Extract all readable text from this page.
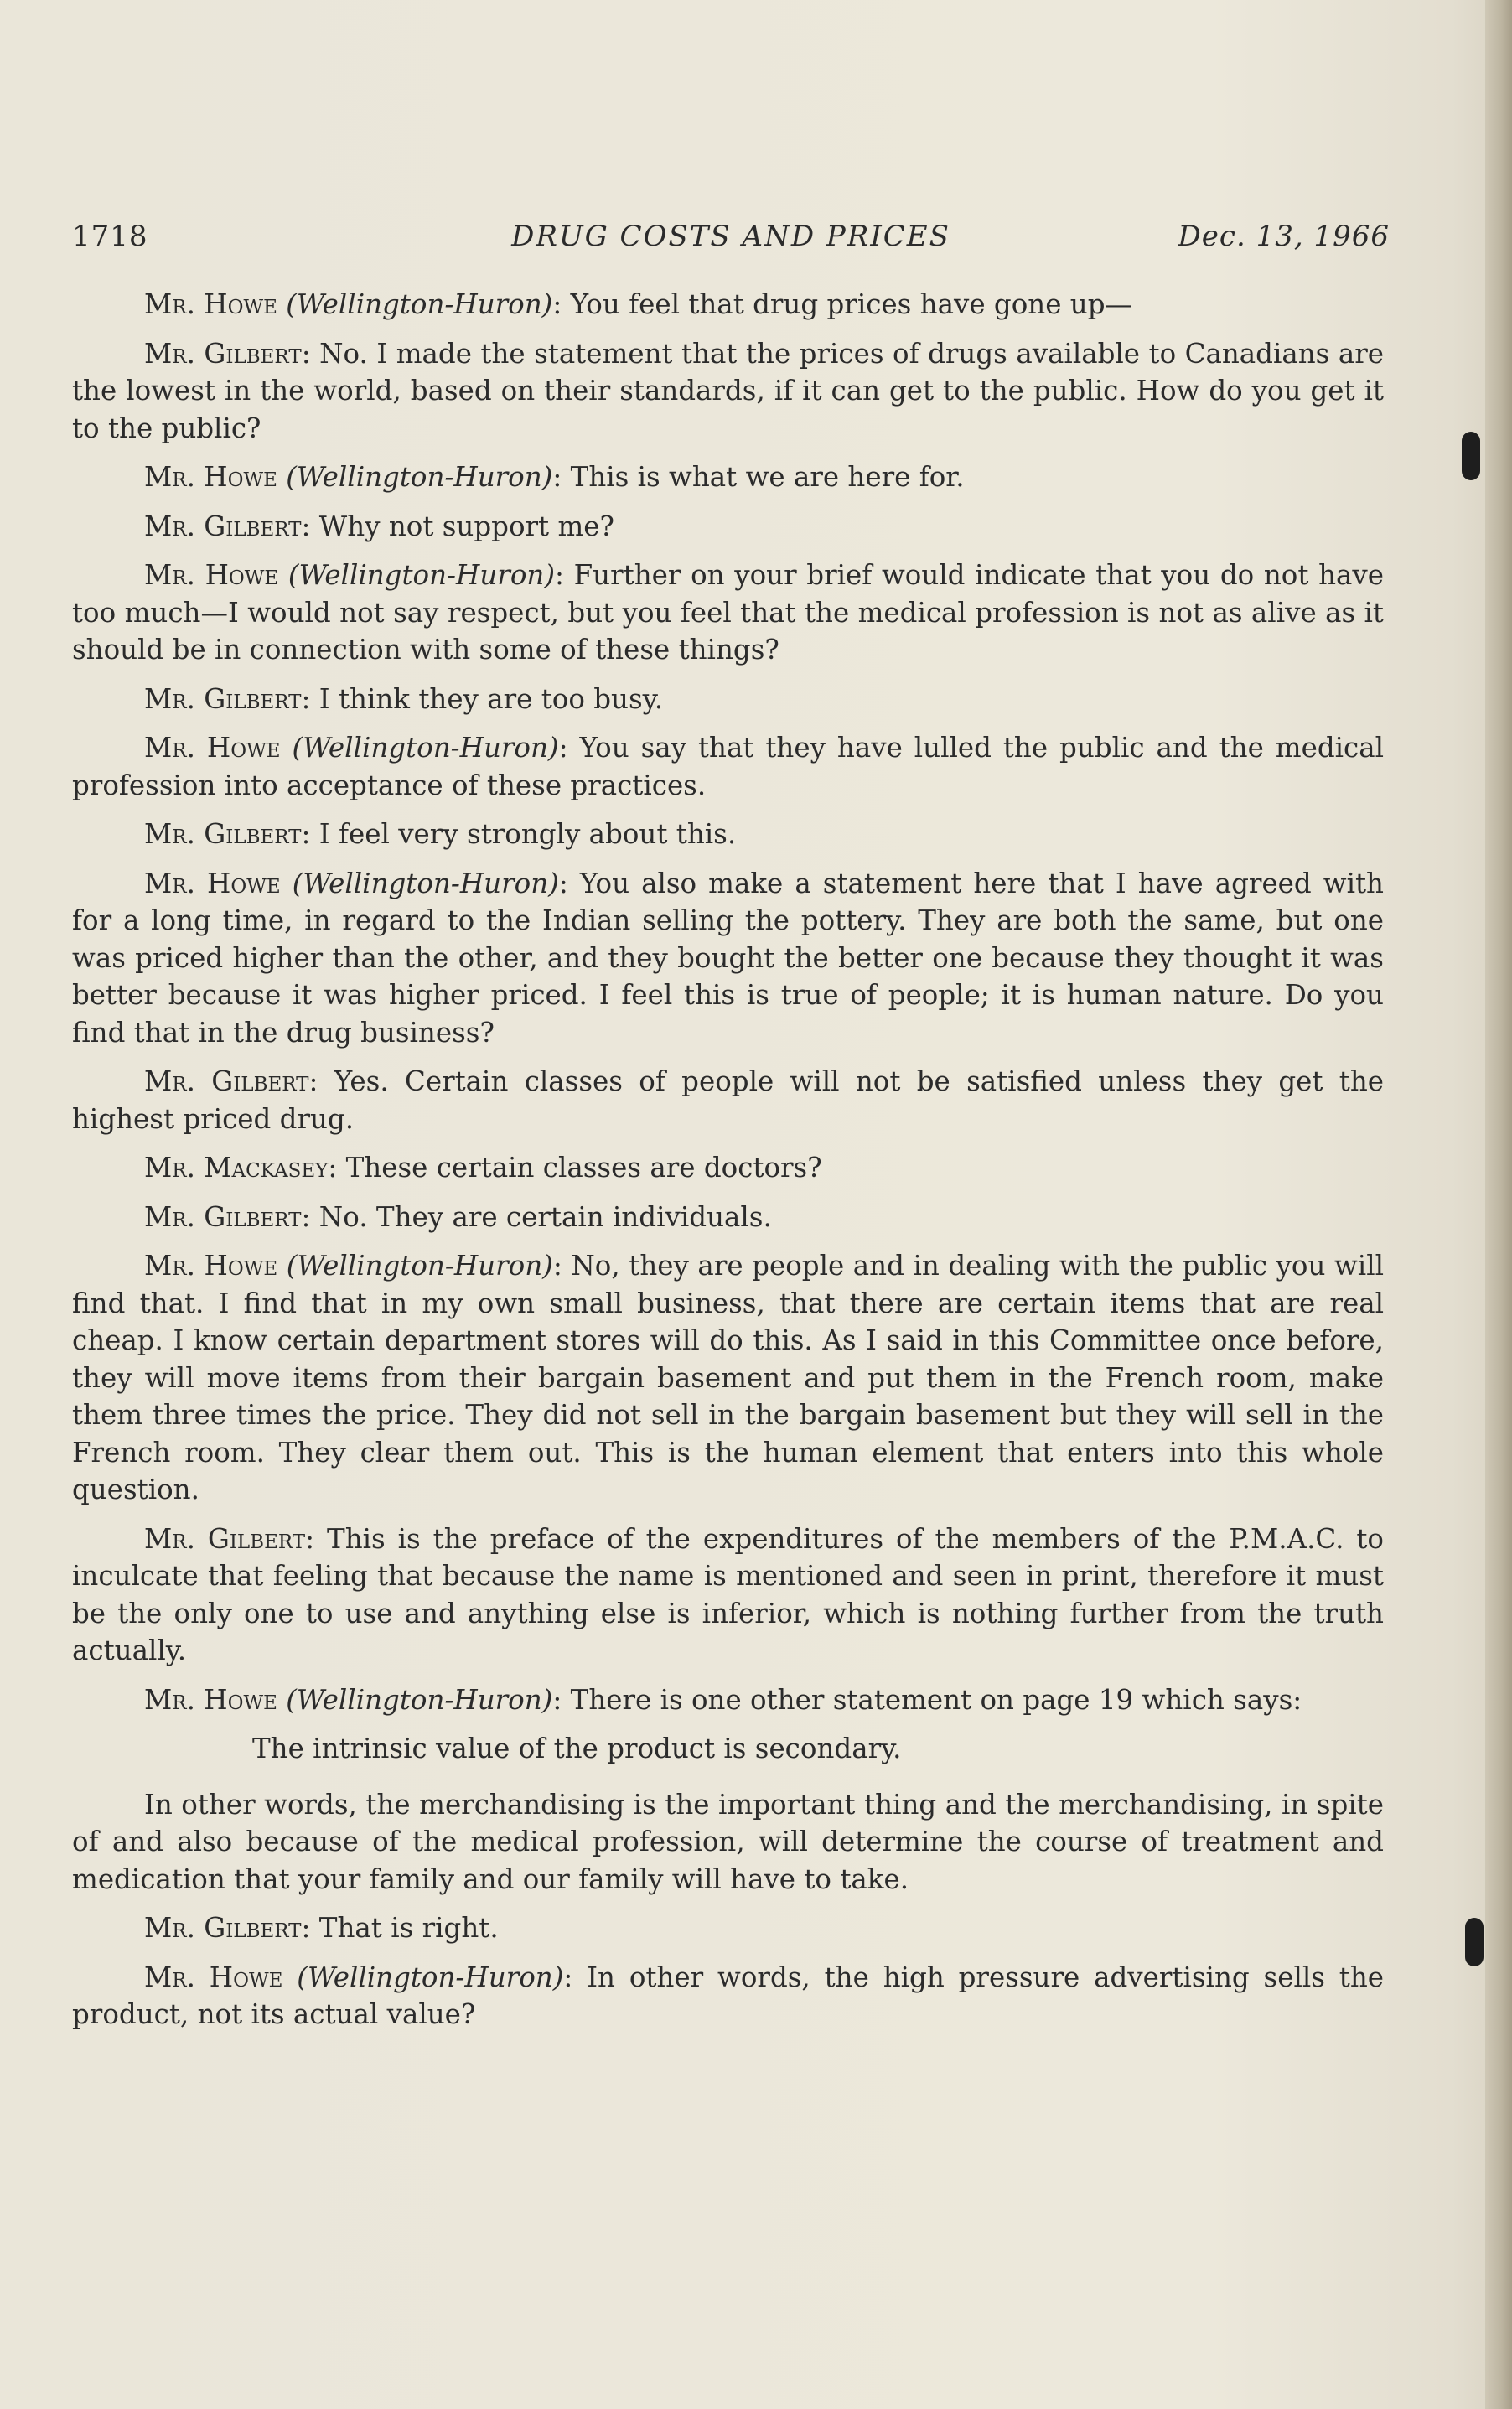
1718	DRUG COSTS AND PRICES	Dec. 13, 1966

Mr. Howe (Wellington-Huron): You feel that drug prices have gone up—

Mr. Gilbert: No. I made the statement that the prices of drugs available to Canadians are the lowest in the world, based on their standards, if it can get to the public. How do you get it to the public?

Mr. Howe (Wellington-Huron): This is what we are here for.

Mr. Gilbert: Why not support me?

Mr. Howe (Wellington-Huron): Further on your brief would indicate that you do not have too much—I would not say respect, but you feel that the medical profession is not as alive as it should be in connection with some of these things?

Mr. Gilbert: I think they are too busy.

Mr. Howe (Wellington-Huron): You say that they have lulled the public and the medical profession into acceptance of these practices.

Mr. Gilbert: I feel very strongly about this.

Mr. Howe (Wellington-Huron): You also make a statement here that I have agreed with for a long time, in regard to the Indian selling the pottery. They are both the same, but one was priced higher than the other, and they bought the better one because they thought it was better because it was higher priced. I feel this is true of people; it is human nature. Do you find that in the drug business?

Mr. Gilbert: Yes. Certain classes of people will not be satisfied unless they get the highest priced drug.

Mr. Mackasey: These certain classes are doctors?

Mr. Gilbert: No. They are certain individuals.

Mr. Howe (Wellington-Huron): No, they are people and in dealing with the public you will find that. I find that in my own small business, that there are certain items that are real cheap. I know certain department stores will do this. As I said in this Committee once before, they will move items from their bargain basement and put them in the French room, make them three times the price. They did not sell in the bargain basement but they will sell in the French room. They clear them out. This is the human element that enters into this whole question.

Mr. Gilbert: This is the preface of the expenditures of the members of the P.M.A.C. to inculcate that feeling that because the name is mentioned and seen in print, therefore it must be the only one to use and anything else is inferior, which is nothing further from the truth actually.

Mr. Howe (Wellington-Huron): There is one other statement on page 19 which says:

The intrinsic value of the product is secondary.

In other words, the merchandising is the important thing and the merchandising, in spite of and also because of the medical profession, will determine the course of treatment and medication that your family and our family will have to take.

Mr. Gilbert: That is right.

Mr. Howe (Wellington-Huron): In other words, the high pressure advertising sells the product, not its actual value?
